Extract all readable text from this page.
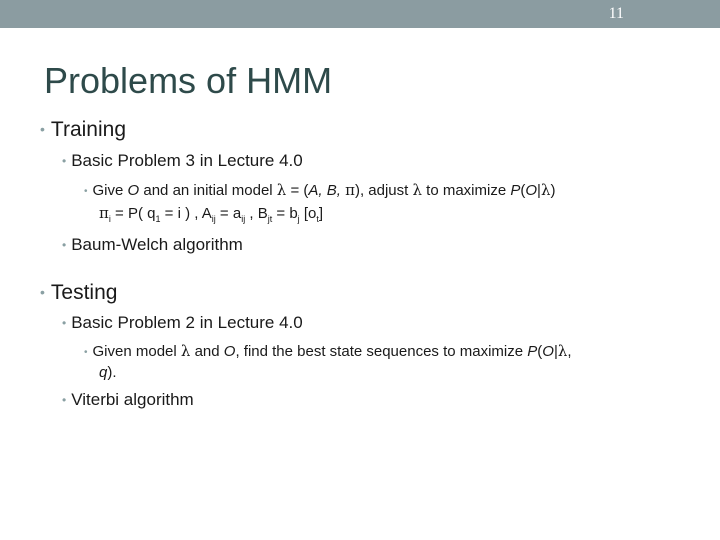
11
Problems of HMM
• Training
• Basic Problem 3 in Lecture 4.0
• Give O and an initial model λ = (A, B, π), adjust λ to maximize P(O|λ)
$\pi_i = P$( $q_1 = i$ ) , $A_{ij} = a_{ij}$ , $B_{jt} = b_j$ $[o_t]$
• Baum-Welch algorithm
• Testing
• Basic Problem 2 in Lecture 4.0
• Given model λ and O, find the best state sequences to maximize P(O|λ,
q).
• Viterbi algorithm
